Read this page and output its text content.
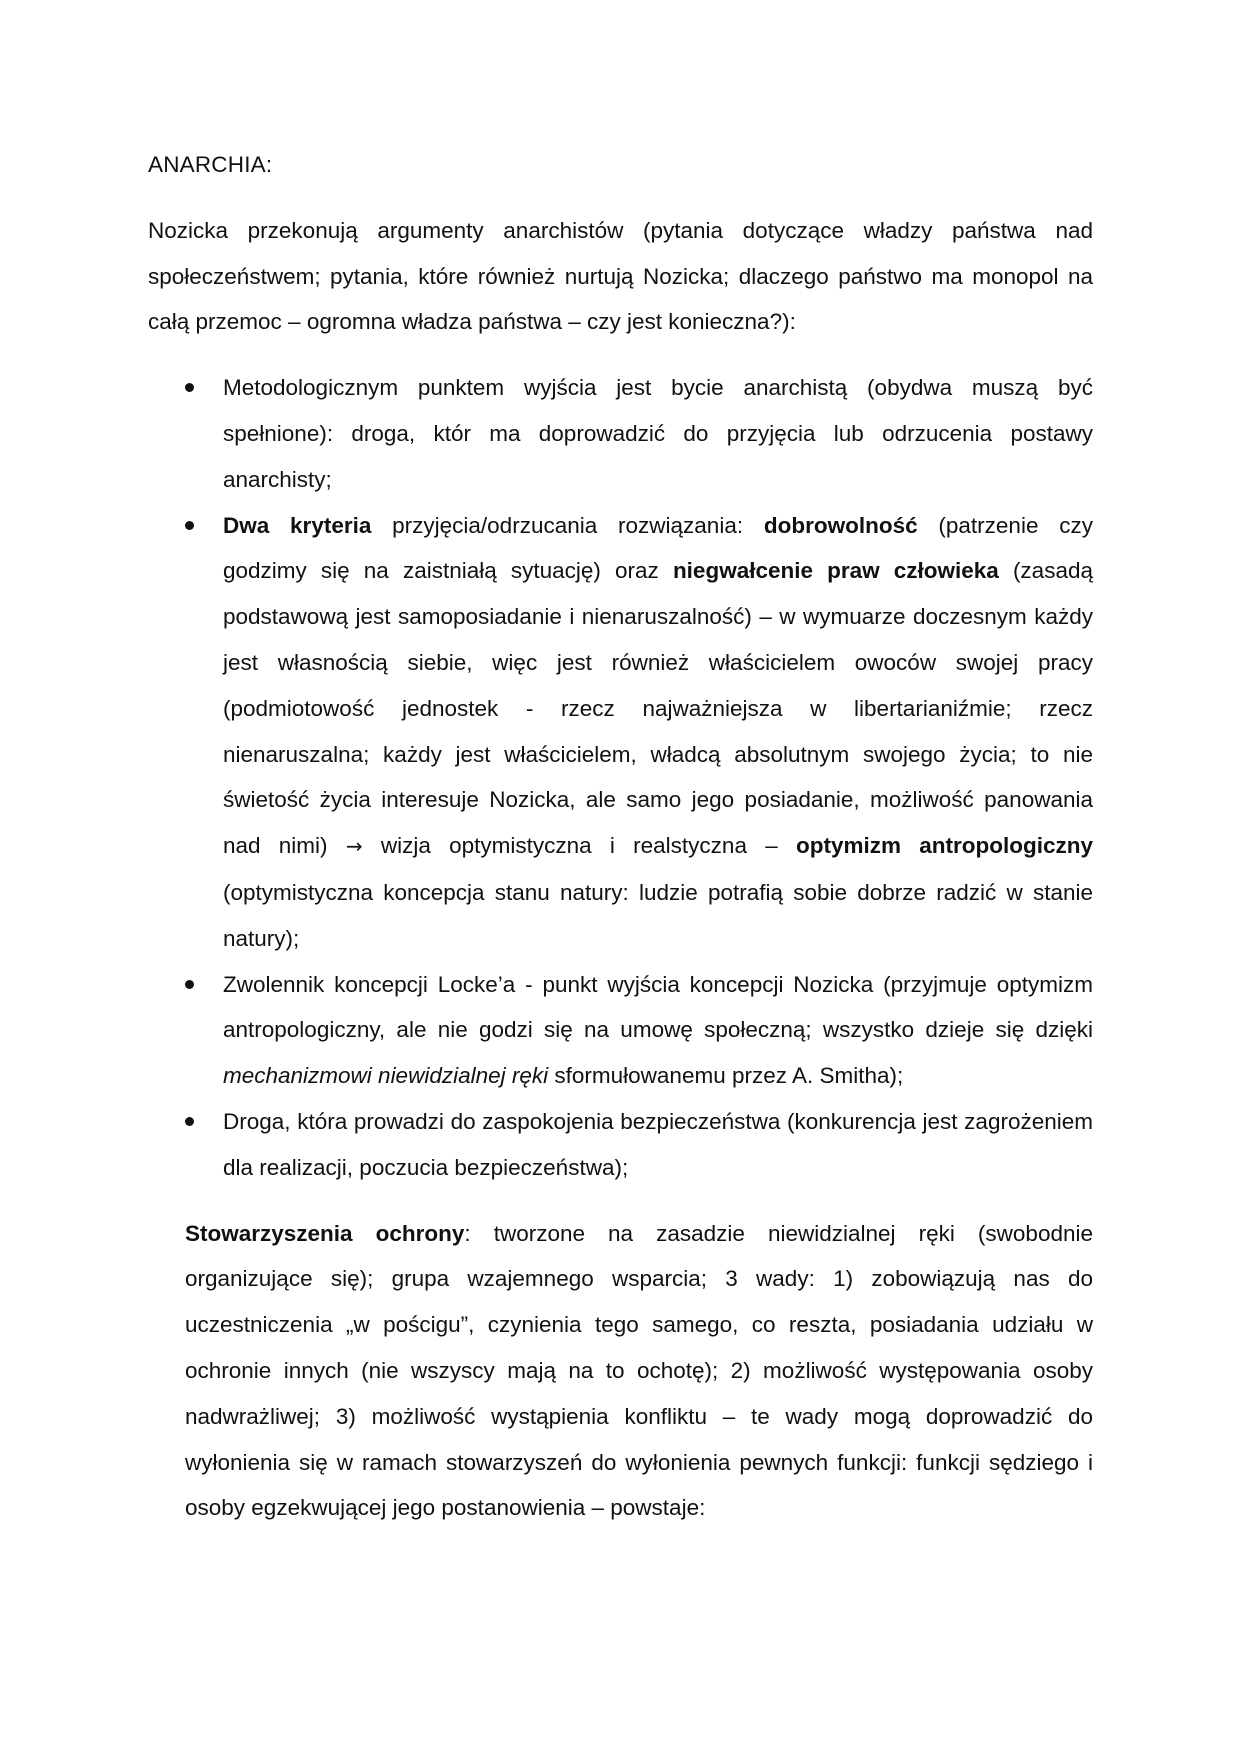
ANARCHIA:

Nozicka przekonują argumenty anarchistów (pytania dotyczące władzy państwa nad społeczeństwem; pytania, które również nurtują Nozicka; dlaczego państwo ma monopol na całą przemoc – ogromna władza państwa – czy jest konieczna?):

Metodologicznym punktem wyjścia jest bycie anarchistą (obydwa muszą być spełnione): droga, któr ma doprowadzić do przyjęcia lub odrzucenia postawy anarchisty;
Dwa kryteria przyjęcia/odrzucania rozwiązania: dobrowolność (patrzenie czy godzimy się na zaistniałą sytuację) oraz niegwałcenie praw człowieka (zasadą podstawową jest samoposiadanie i nienaruszalność) – w wymuarze doczesnym każdy jest własnością siebie, więc jest również właścicielem owoców swojej pracy (podmiotowość jednostek - rzecz najważniejsza w libertarianiźmie; rzecz nienaruszalna; każdy jest właścicielem, władcą absolutnym swojego życia; to nie świetość życia interesuje Nozicka, ale samo jego posiadanie, możliwość panowania nad nimi) → wizja optymistyczna i realstyczna – optymizm antropologiczny (optymistyczna koncepcja stanu natury: ludzie potrafią sobie dobrze radzić w stanie natury);
Zwolennik koncepcji Locke’a - punkt wyjścia koncepcji Nozicka (przyjmuje optymizm antropologiczny, ale nie godzi się na umowę społeczną; wszystko dzieje się dzięki mechanizmowi niewidzialnej ręki sformułowanemu przez A. Smitha);
Droga, która prowadzi do zaspokojenia bezpieczeństwa (konkurencja jest zagrożeniem dla realizacji, poczucia bezpieczeństwa);

Stowarzyszenia ochrony: tworzone na zasadzie niewidzialnej ręki (swobodnie organizujące się); grupa wzajemnego wsparcia; 3 wady: 1) zobowiązują nas do uczestniczenia „w pościgu”, czynienia tego samego, co reszta, posiadania udziału w ochronie innych (nie wszyscy mają na to ochotę); 2) możliwość występowania osoby nadwrażliwej; 3) możliwość wystąpienia konfliktu – te wady mogą doprowadzić do wyłonienia się w ramach stowarzyszeń do wyłonienia pewnych funkcji: funkcji sędziego i osoby egzekwującej jego postanowienia – powstaje:
